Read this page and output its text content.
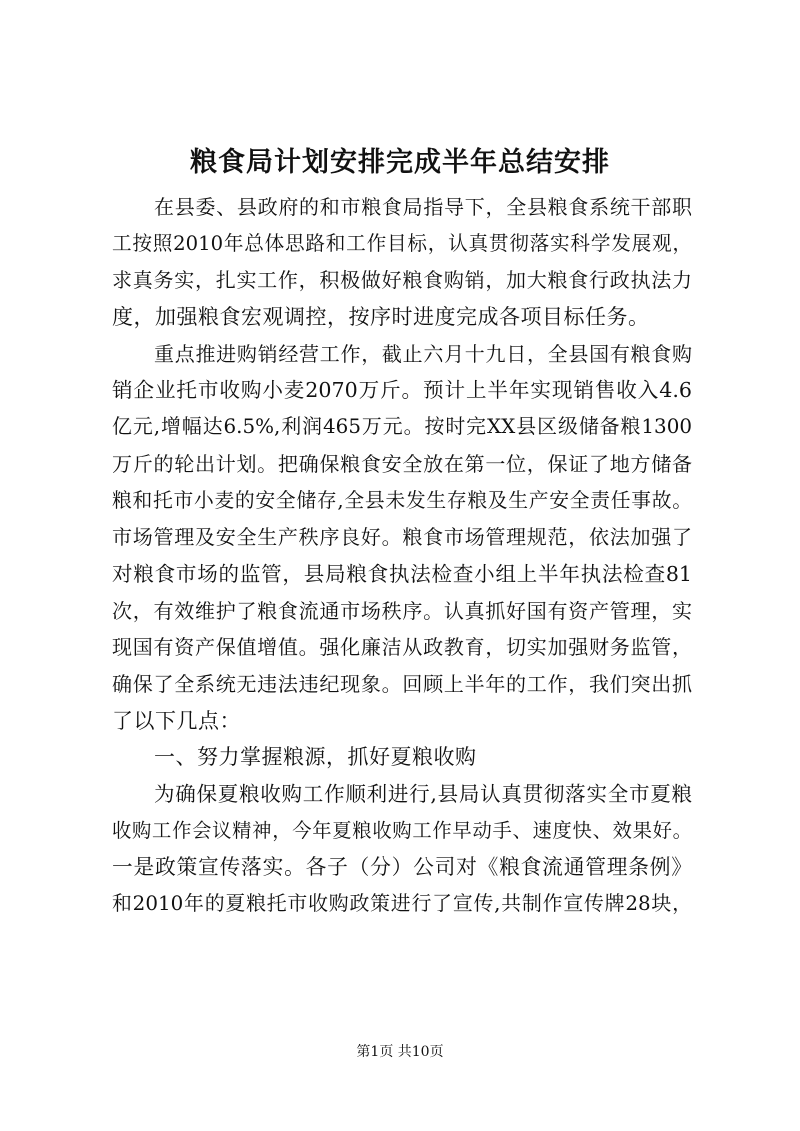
粮食局计划安排完成半年总结安排
在县委、县政府的和市粮食局指导下，全县粮食系统干部职
工按照2010年总体思路和工作目标，认真贯彻落实科学发展观，
求真务实，扎实工作，积极做好粮食购销，加大粮食行政执法力
度，加强粮食宏观调控，按序时进度完成各项目标任务。
重点推进购销经营工作，截止六月十九日，全县国有粮食购
销企业托市收购小麦2070万斤。预计上半年实现销售收入4.6
亿元,增幅达6.5%,利润465万元。按时完XX县区级储备粮1300
万斤的轮出计划。把确保粮食安全放在第一位，保证了地方储备
粮和托市小麦的安全储存,全县未发生存粮及生产安全责任事故。
市场管理及安全生产秩序良好。粮食市场管理规范，依法加强了
对粮食市场的监管，县局粮食执法检查小组上半年执法检查81
次，有效维护了粮食流通市场秩序。认真抓好国有资产管理，实
现国有资产保值增值。强化廉洁从政教育，切实加强财务监管，
确保了全系统无违法违纪现象。回顾上半年的工作，我们突出抓
了以下几点：
一、努力掌握粮源，抓好夏粮收购
为确保夏粮收购工作顺利进行,县局认真贯彻落实全市夏粮
收购工作会议精神，今年夏粮收购工作早动手、速度快、效果好。
一是政策宣传落实。各子（分）公司对《粮食流通管理条例》
和2010年的夏粮托市收购政策进行了宣传,共制作宣传牌28块，
第1页 共10页
